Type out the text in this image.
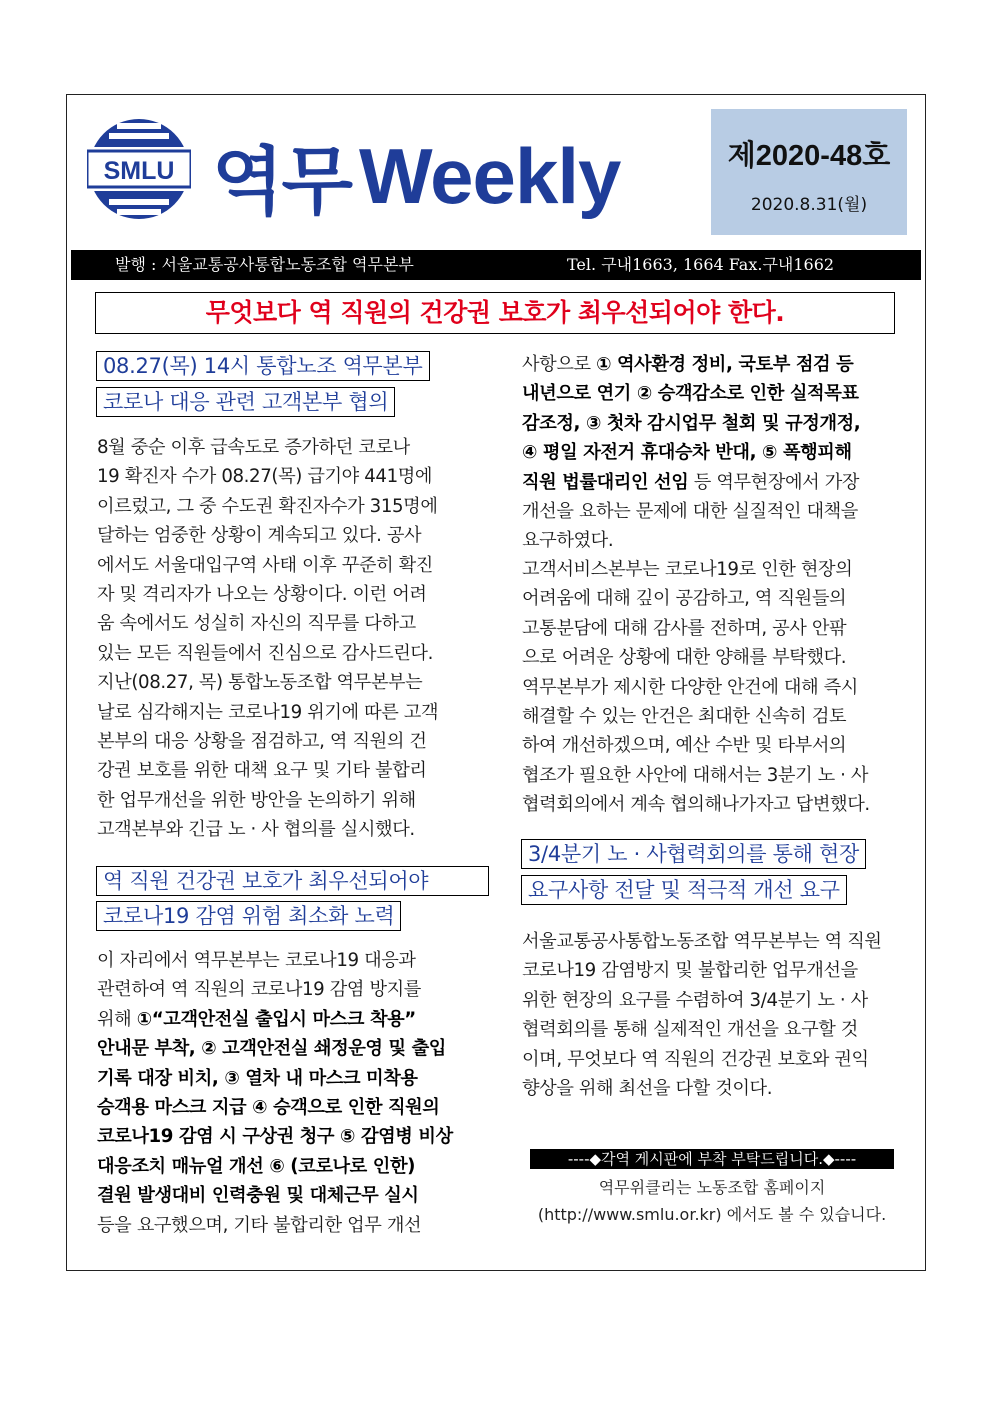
SMLU 역무 Weekly	제2020-48호
2020.8.31(월)
발행 : 서울교통공사통합노동조합 역무본부	Tel. 구내1663, 1664 Fax.구내1662
무엇보다 역 직원의 건강권 보호가 최우선되어야 한다.
08.27(목) 14시 통합노조 역무본부
코로나 대응 관련 고객본부 협의
8월 중순 이후 급속도로 증가하던 코로나
19 확진자 수가 08.27(목) 급기야 441명에
이르렀고, 그 중 수도권 확진자수가 315명에
달하는 엄중한 상황이 계속되고 있다. 공사
에서도 서울대입구역 사태 이후 꾸준히 확진
자 및 격리자가 나오는 상황이다. 이런 어려
움 속에서도 성실히 자신의 직무를 다하고
있는 모든 직원들에서 진심으로 감사드린다.
지난(08.27, 목) 통합노동조합 역무본부는
날로 심각해지는 코로나19 위기에 따른 고객
본부의 대응 상황을 점검하고, 역 직원의 건
강권 보호를 위한 대책 요구 및 기타 불합리
한 업무개선을 위한 방안을 논의하기 위해
고객본부와 긴급 노 · 사 협의를 실시했다.
역 직원 건강권 보호가 최우선되어야
코로나19 감염 위험 최소화 노력
이 자리에서 역무본부는 코로나19 대응과
관련하여 역 직원의 코로나19 감염 방지를
위해 ①“고객안전실 출입시 마스크 착용”
안내문 부착, ② 고객안전실 쇄정운영 및 출입
기록 대장 비치, ③ 열차 내 마스크 미착용
승객용 마스크 지급 ④ 승객으로 인한 직원의
코로나19 감염 시 구상권 청구 ⑤ 감염병 비상
대응조치 매뉴얼 개선 ⑥ (코로나로 인한)
결원 발생대비 인력충원 및 대체근무 실시
등을 요구했으며, 기타 불합리한 업무 개선
사항으로 ① 역사환경 정비, 국토부 점검 등
내년으로 연기 ② 승객감소로 인한 실적목표
감조정, ③ 첫차 감시업무 철회 및 규정개정,
④ 평일 자전거 휴대승차 반대, ⑤ 폭행피해
직원 법률대리인 선임 등 역무현장에서 가장
개선을 요하는 문제에 대한 실질적인 대책을
요구하였다.
고객서비스본부는 코로나19로 인한 현장의
어려움에 대해 깊이 공감하고, 역 직원들의
고통분담에 대해 감사를 전하며, 공사 안팎
으로 어려운 상황에 대한 양해를 부탁했다.
역무본부가 제시한 다양한 안건에 대해 즉시
해결할 수 있는 안건은 최대한 신속히 검토
하여 개선하겠으며, 예산 수반 및 타부서의
협조가 필요한 사안에 대해서는 3분기 노 · 사
협력회의에서 계속 협의해나가자고 답변했다.
3/4분기 노 · 사협력회의를 통해 현장
요구사항 전달 및 적극적 개선 요구
서울교통공사통합노동조합 역무본부는 역 직원
코로나19 감염방지 및 불합리한 업무개선을
위한 현장의 요구를 수렴하여 3/4분기 노 · 사
협력회의를 통해 실제적인 개선을 요구할 것
이며, 무엇보다 역 직원의 건강권 보호와 권익
향상을 위해 최선을 다할 것이다.
----◆각역 게시판에 부착 부탁드립니다.◆----
역무위클리는 노동조합 홈페이지
(http://www.smlu.or.kr) 에서도 볼 수 있습니다.
